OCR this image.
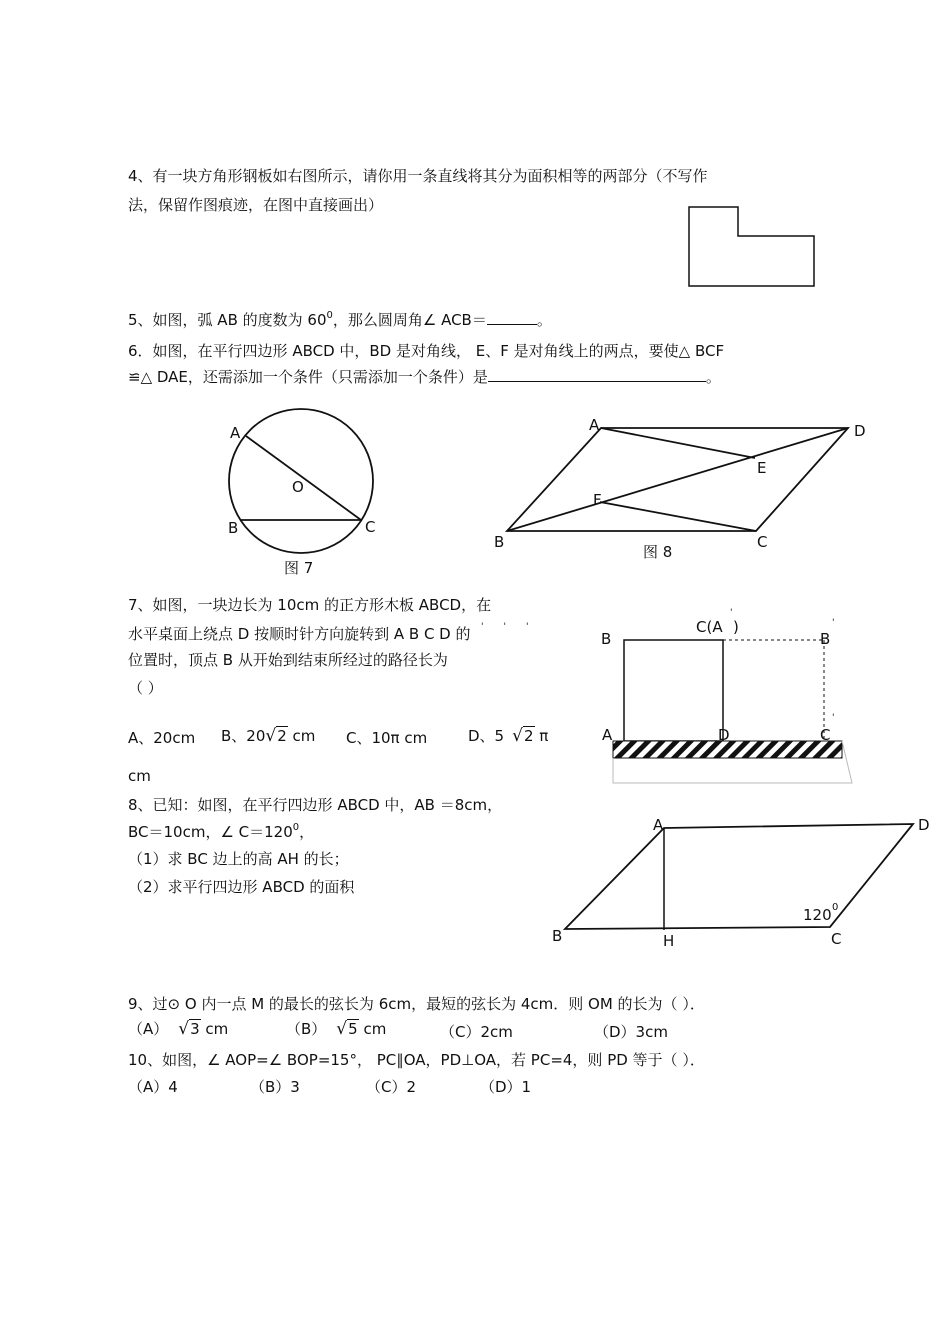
4、有一块方角形钢板如右图所示，请你用一条直线将其分为面积相等的两部分（不写作
法，保留作图痕迹，在图中直接画出）
5、如图，弧 AB 的度数为 $60^0$，那么圆周角∠ ACB＝	。
6．如图，在平行四边形 ABCD 中，BD 是对角线， E、F 是对角线上的两点，要使△ BCF
≌△ DAE，还需添加一个条件（只需添加一个条件）是	。
7、如图，一块边长为 10cm 的正方形木板 ABCD，在
水平桌面上绕点 D 按顺时针方向旋转到 A B C D 的 ' ' '
位置时，顶点 B 从开始到结束所经过的路径长为
（ ）
A、20cm B、20√2 cm C、10π cm	D、5 √2 π
cm
8、已知：如图，在平行四边形 ABCD 中，AB ＝8cm，
BC＝10cm，∠ $C=120^0$，
（1）求 BC 边上的高 AH 的长；
（2）求平行四边形 ABCD 的面积
9、过⊙ O 内一点 M 的最长的弦长为 6cm，最短的弦长为 4cm．则 OM 的长为（ ）．
（A） √3 cm	（B） √5 cm	（C）2cm	（D）3cm
10、如图，∠ AOP=∠ BOP=15°， PC∥OA，PD⊥OA，若 PC=4，则 PD 等于（ ）．
（A）4	（B）3	（C）2	（D）1
A
O
B	C
图 7
A	D
E
F
B	C
图 8
B
C(A )
'
B
'
A	D	C
'
A	D
B	H	C
120 0
